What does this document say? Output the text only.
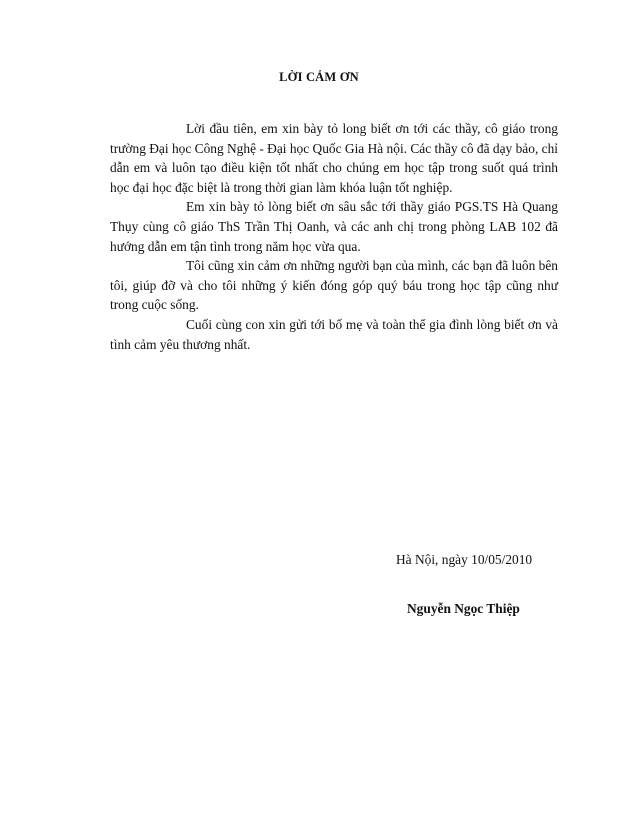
LỜI CẢM ƠN

Lời đầu tiên, em xin bày tỏ long biết ơn tới các thầy, cô giáo trong trường Đại học Công Nghệ - Đại học Quốc Gia Hà nội. Các thầy cô đã dạy bảo, chỉ dẫn em và luôn tạo điều kiện tốt nhất cho chúng em học tập trong suốt quá trình học đại học đặc biệt là trong thời gian làm khóa luận tốt nghiệp.

Em xin bày tỏ lòng biết ơn sâu sắc tới thầy giáo PGS.TS Hà Quang Thụy cùng cô giáo ThS Trần Thị Oanh, và các anh chị trong phòng LAB 102 đã hướng dẫn em tận tình trong năm học vừa qua.

Tôi cũng xin cảm ơn những người bạn của mình, các bạn đã luôn bên tôi, giúp đỡ và cho tôi những ý kiến đóng góp quý báu trong học tập cũng như trong cuộc sống.

Cuối cùng con xin gửi tới bố mẹ và toàn thể gia đình lòng biết ơn và tình cảm yêu thương nhất.

Hà Nội, ngày 10/05/2010
Nguyễn Ngọc Thiệp
